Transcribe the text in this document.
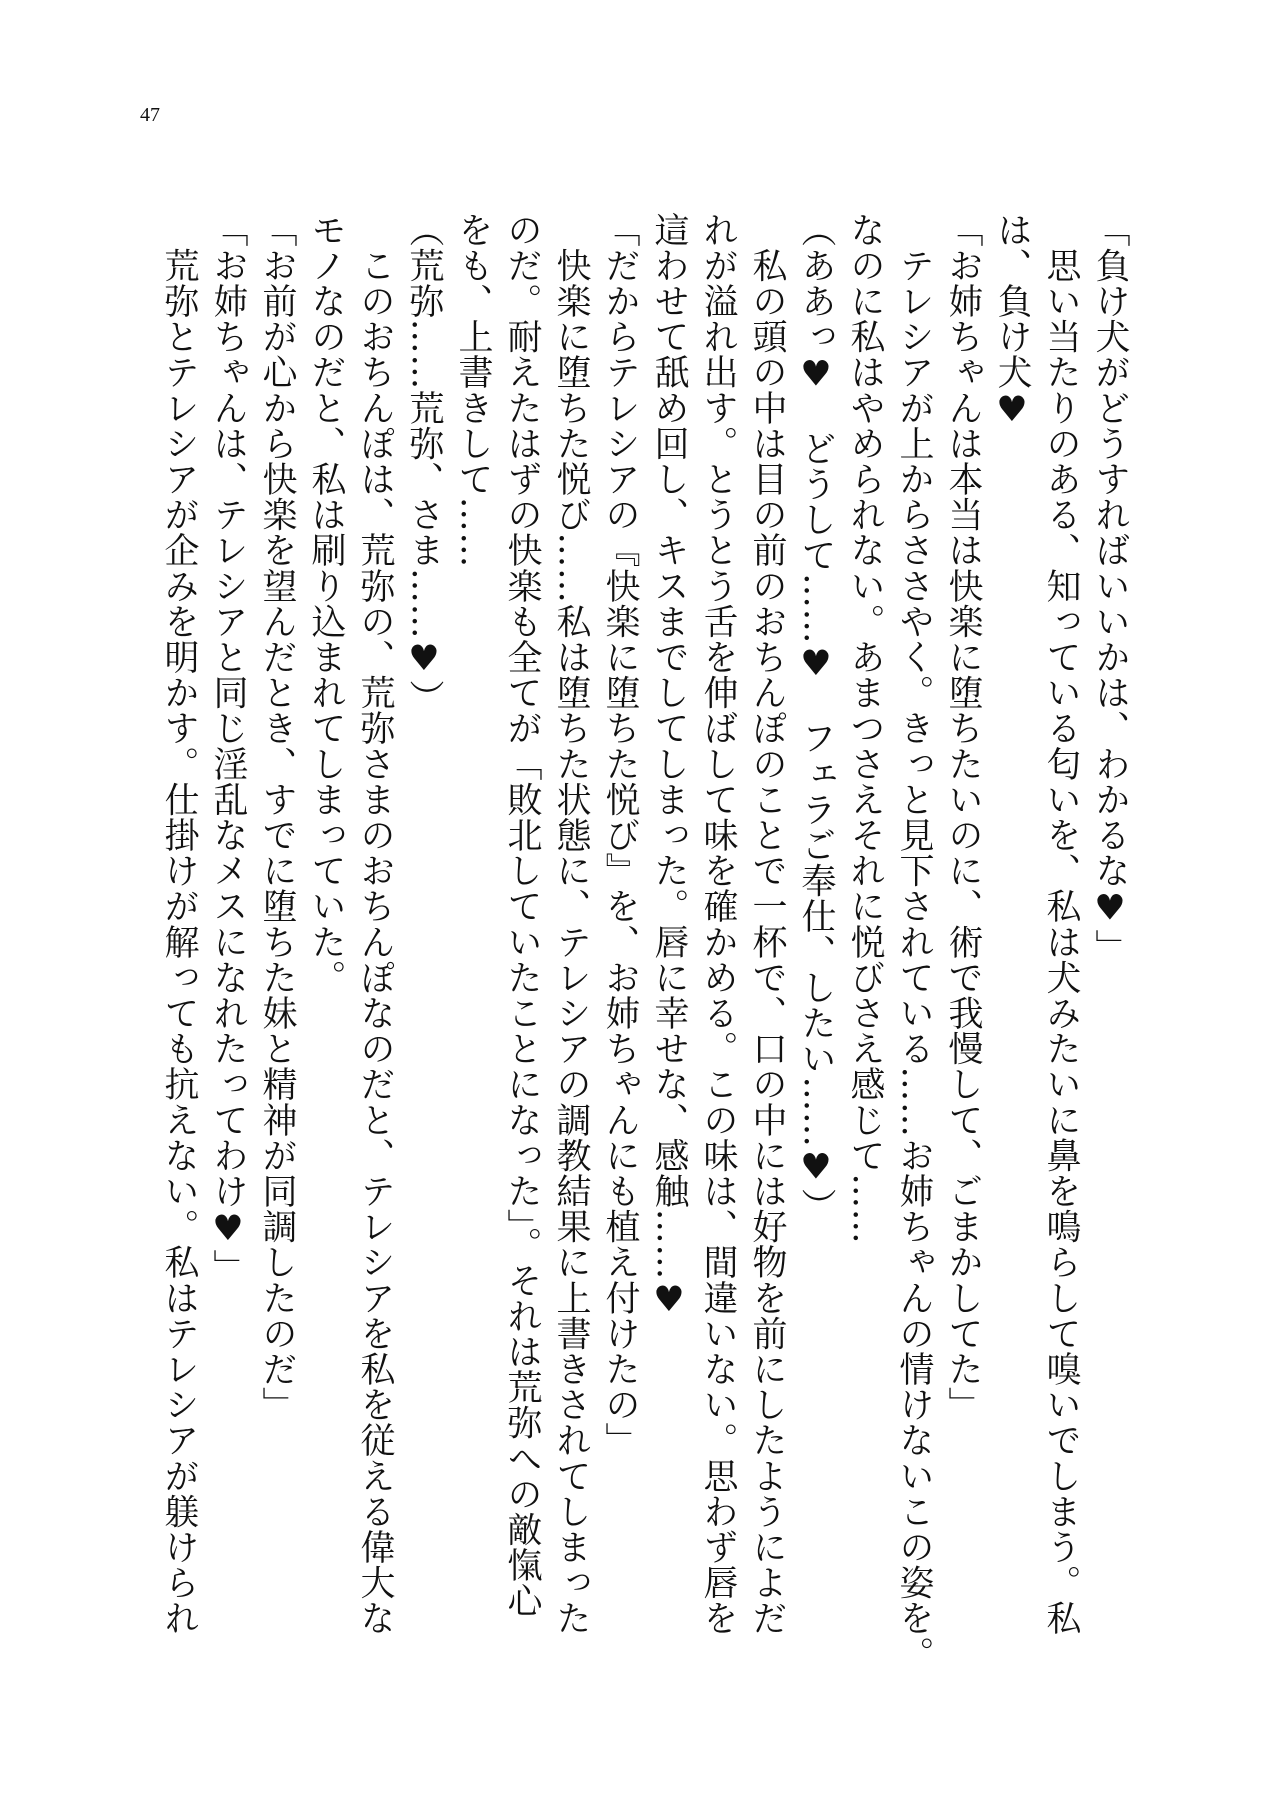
47
「負け犬がどうすればいいかは、わかるな♥」
　思い当たりのある、知っている匂いを、私は犬みたいに鼻を鳴らして嗅いでしまう。私
は、負け犬♥
「お姉ちゃんは本当は快楽に堕ちたいのに、術で我慢して、ごまかしてた」
　テレシアが上からささやく。きっと見下されている……お姉ちゃんの情けないこの姿を。
なのに私はやめられない。あまつさえそれに悦びさえ感じて……
（ああっ♥　どうして……♥　フェラご奉仕、したい……♥）
　私の頭の中は目の前のおちんぽのことで一杯で、口の中には好物を前にしたようによだ
れが溢れ出す。とうとう舌を伸ばして味を確かめる。この味は、間違いない。思わず唇を
這わせて舐め回し、キスまでしてしまった。唇に幸せな、感触……♥
「だからテレシアの『快楽に堕ちた悦び』を、お姉ちゃんにも植え付けたの」
　快楽に堕ちた悦び……私は堕ちた状態に、テレシアの調教結果に上書きされてしまった
のだ。耐えたはずの快楽も全てが「敗北していたことになった」。それは荒弥への敵愾心
をも、上書きして……
（荒弥……荒弥、さま……♥）
　このおちんぽは、荒弥の、荒弥さまのおちんぽなのだと、テレシアを私を従える偉大な
モノなのだと、私は刷り込まれてしまっていた。
「お前が心から快楽を望んだとき、すでに堕ちた妹と精神が同調したのだ」
「お姉ちゃんは、テレシアと同じ淫乱なメスになれたってわけ♥」
　荒弥とテレシアが企みを明かす。仕掛けが解っても抗えない。私はテレシアが躾けられ
